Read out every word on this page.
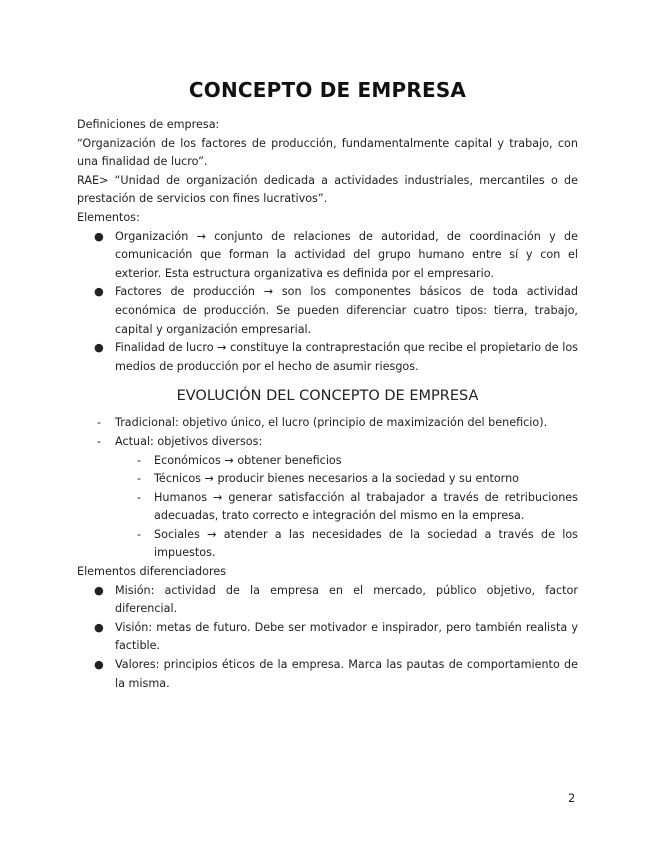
CONCEPTO DE EMPRESA

Definiciones de empresa:

“Organización de los factores de producción, fundamentalmente capital y trabajo, con una finalidad de lucro”.

RAE> “Unidad de organización dedicada a actividades industriales, mercantiles o de prestación de servicios con fines lucrativos”.

Elementos:

● Organización → conjunto de relaciones de autoridad, de coordinación y de comunicación que forman la actividad del grupo humano entre sí y con el exterior. Esta estructura organizativa es definida por el empresario.
● Factores de producción → son los componentes básicos de toda actividad económica de producción. Se pueden diferenciar cuatro tipos: tierra, trabajo, capital y organización empresarial.
● Finalidad de lucro → constituye la contraprestación que recibe el propietario de los medios de producción por el hecho de asumir riesgos.
EVOLUCIÓN DEL CONCEPTO DE EMPRESA
- Tradicional: objetivo único, el lucro (principio de maximización del beneficio).
- Actual: objetivos diversos:
- Económicos → obtener beneficios
- Técnicos → producir bienes necesarios a la sociedad y su entorno
- Humanos → generar satisfacción al trabajador a través de retribuciones adecuadas, trato correcto e integración del mismo en la empresa.
- Sociales → atender a las necesidades de la sociedad a través de los impuestos.

Elementos diferenciadores

● Misión: actividad de la empresa en el mercado, público objetivo, factor diferencial.
● Visión: metas de futuro. Debe ser motivador e inspirador, pero también realista y factible.
● Valores: principios éticos de la empresa. Marca las pautas de comportamiento de la misma.
2
